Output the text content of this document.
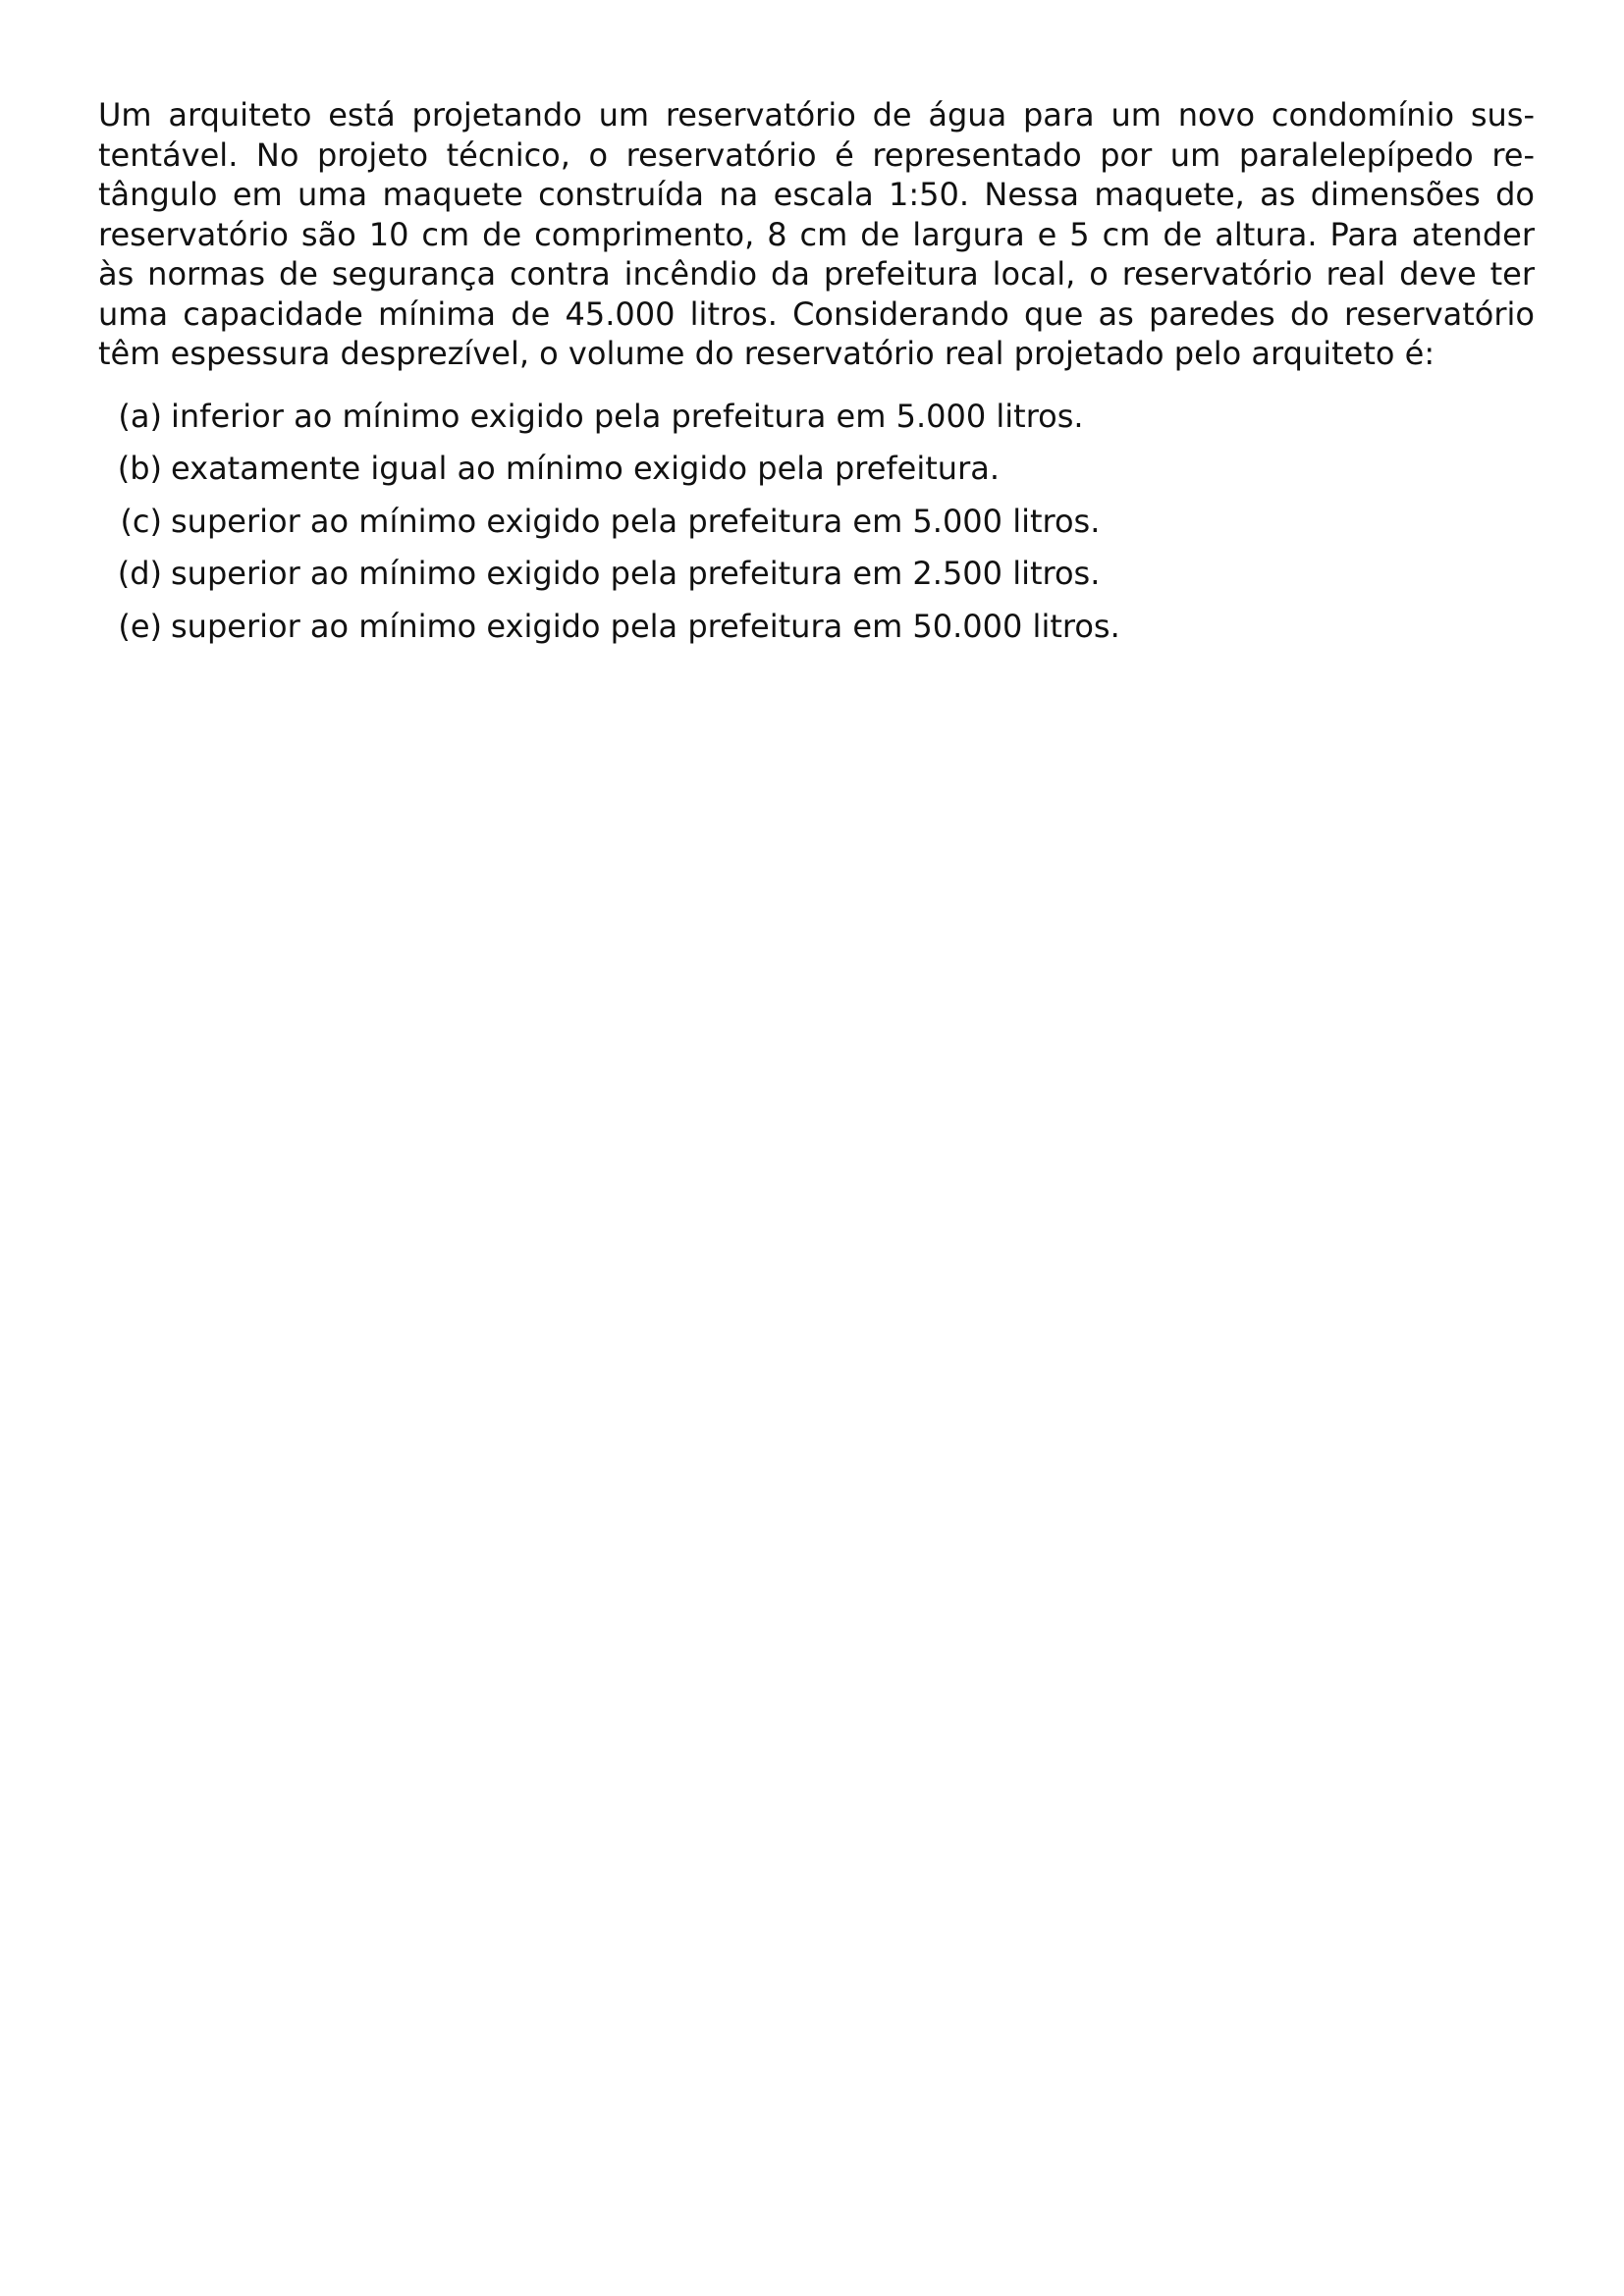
Um arquiteto está projetando um reservatório de água para um novo condomínio sustentável. No projeto técnico, o reservatório é representado por um paralelepípedo retângulo em uma maquete construída na escala 1:50. Nessa maquete, as dimensões do reservatório são 10 cm de comprimento, 8 cm de largura e 5 cm de altura. Para atender às normas de segurança contra incêndio da prefeitura local, o reservatório real deve ter uma capacidade mínima de 45.000 litros. Considerando que as paredes do reservatório têm espessura desprezível, o volume do reservatório real projetado pelo arquiteto é:

(a) inferior ao mínimo exigido pela prefeitura em 5.000 litros.
(b) exatamente igual ao mínimo exigido pela prefeitura.
(c) superior ao mínimo exigido pela prefeitura em 5.000 litros.
(d) superior ao mínimo exigido pela prefeitura em 2.500 litros.
(e) superior ao mínimo exigido pela prefeitura em 50.000 litros.
